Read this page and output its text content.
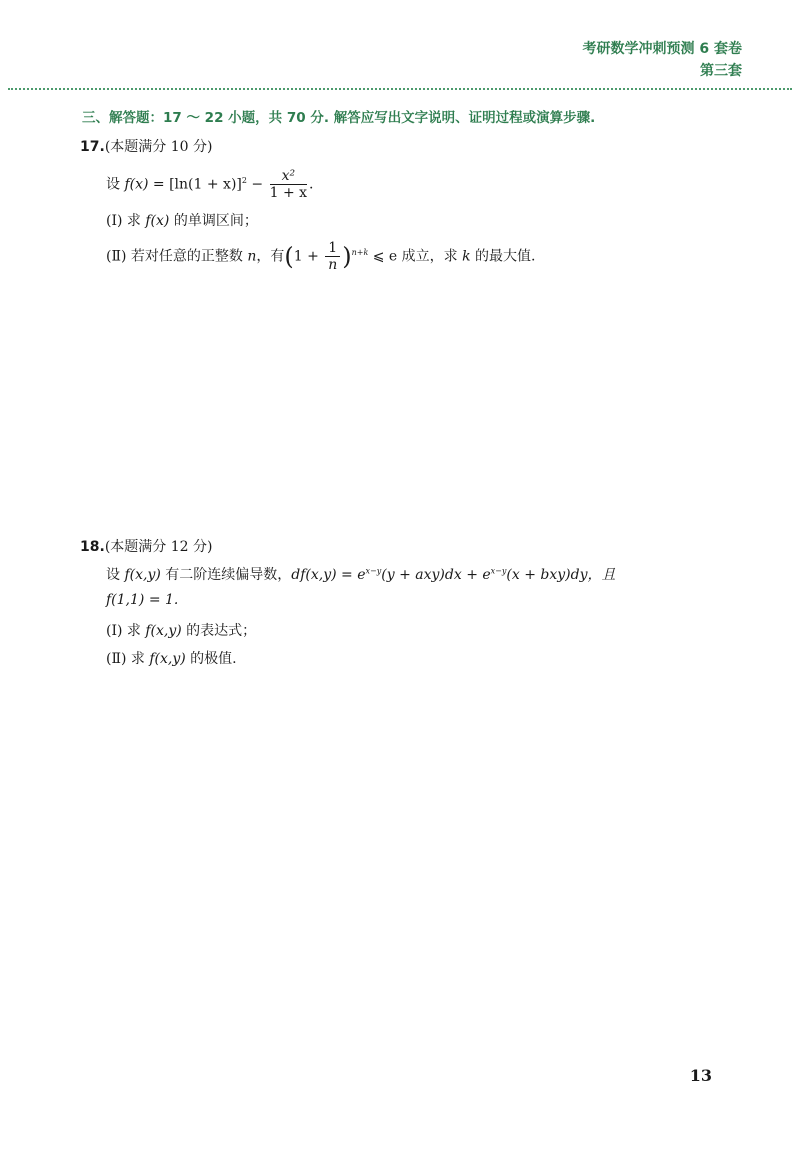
考研数学冲刺预测 6 套卷
第三套
三、解答题：17 ～ 22 小题，共 70 分. 解答应写出文字说明、证明过程或演算步骤.
17.(本题满分 10 分)
设 $f(x) = [\ln(1 + x)]^2 - \frac{\text{x²}}{1 + x}$ .
(Ⅰ) 求 f(x) 的单调区间；
(Ⅱ) 若对任意的正整数 n，有$(1 + \frac{1}{n} )^{n+k}$ ⩽ e 成立，求 k 的最大值.
18.(本题满分 12 分)
设 f(x,y) 有二阶连续偏导数，$df(x,y) = e^{x-y}(y + axy)dx + e^{x-y}(x + bxy)dy$，且
f(1,1) = 1.
(Ⅰ) 求 f(x,y) 的表达式；
(Ⅱ) 求 f(x,y) 的极值.
13
